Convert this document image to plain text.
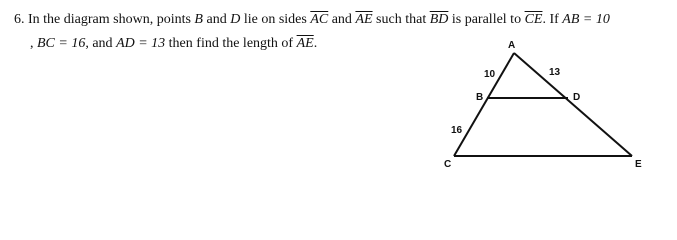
6. In the diagram shown, points B and D lie on sides $\overline{AC}$ and $\overline{AE}$ such that $\overline{BD}$ is parallel to $\overline{CE}$. If AB = 10
, BC = 16, and AD = 13 then find the length of $\overline{AE}$.	A
B	D
C	E
10	13
16
